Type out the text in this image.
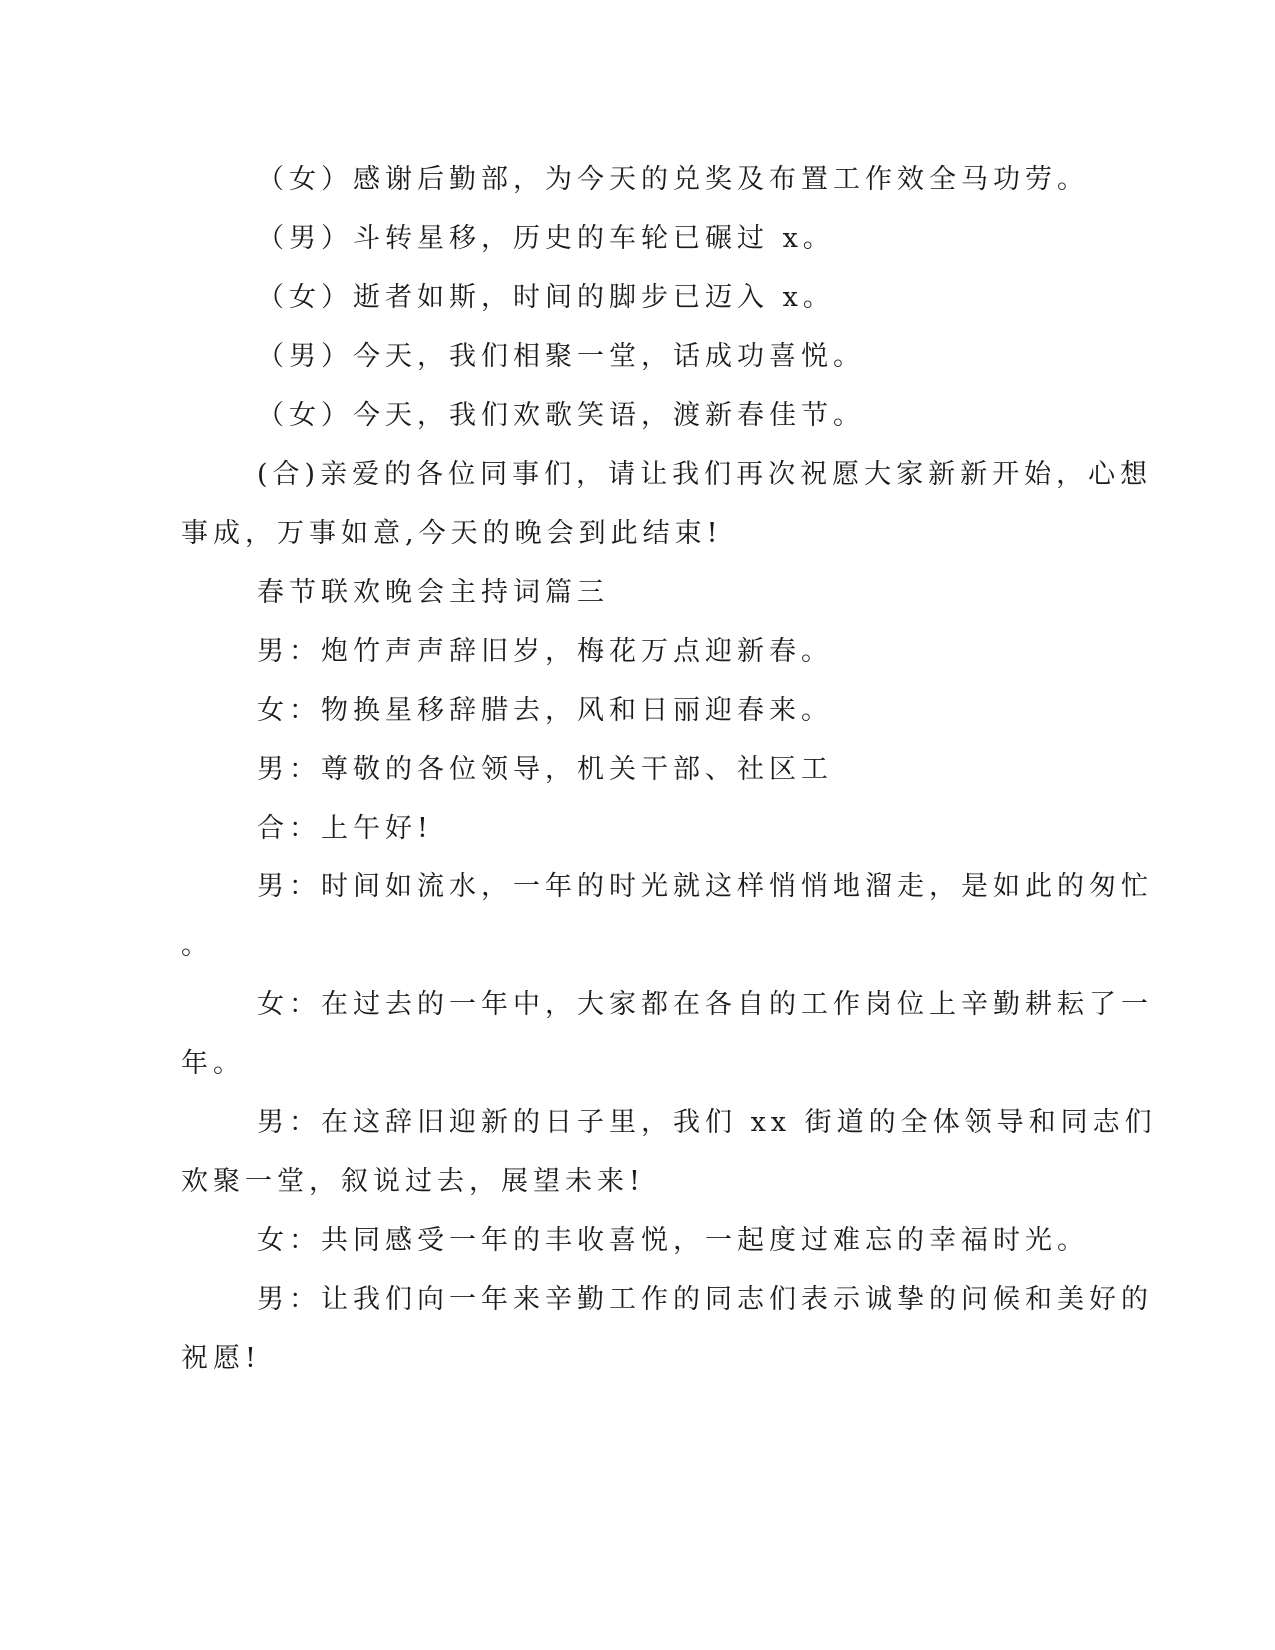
（女）感谢后勤部，为今天的兑奖及布置工作效全马功劳。
（男）斗转星移，历史的车轮已碾过 x。
（女）逝者如斯，时间的脚步已迈入 x。
（男）今天，我们相聚一堂，话成功喜悦。
（女）今天，我们欢歌笑语，渡新春佳节。
(合)亲爱的各位同事们，请让我们再次祝愿大家新新开始，心想
事成，万事如意,今天的晚会到此结束!
春节联欢晚会主持词篇三
男：炮竹声声辞旧岁，梅花万点迎新春。
女：物换星移辞腊去，风和日丽迎春来。
男：尊敬的各位领导，机关干部、社区工
合：上午好!
男：时间如流水，一年的时光就这样悄悄地溜走，是如此的匆忙
。
女：在过去的一年中，大家都在各自的工作岗位上辛勤耕耘了一
年。
男：在这辞旧迎新的日子里，我们 xx 街道的全体领导和同志们
欢聚一堂，叙说过去，展望未来!
女：共同感受一年的丰收喜悦，一起度过难忘的幸福时光。
男：让我们向一年来辛勤工作的同志们表示诚挚的问候和美好的
祝愿!
